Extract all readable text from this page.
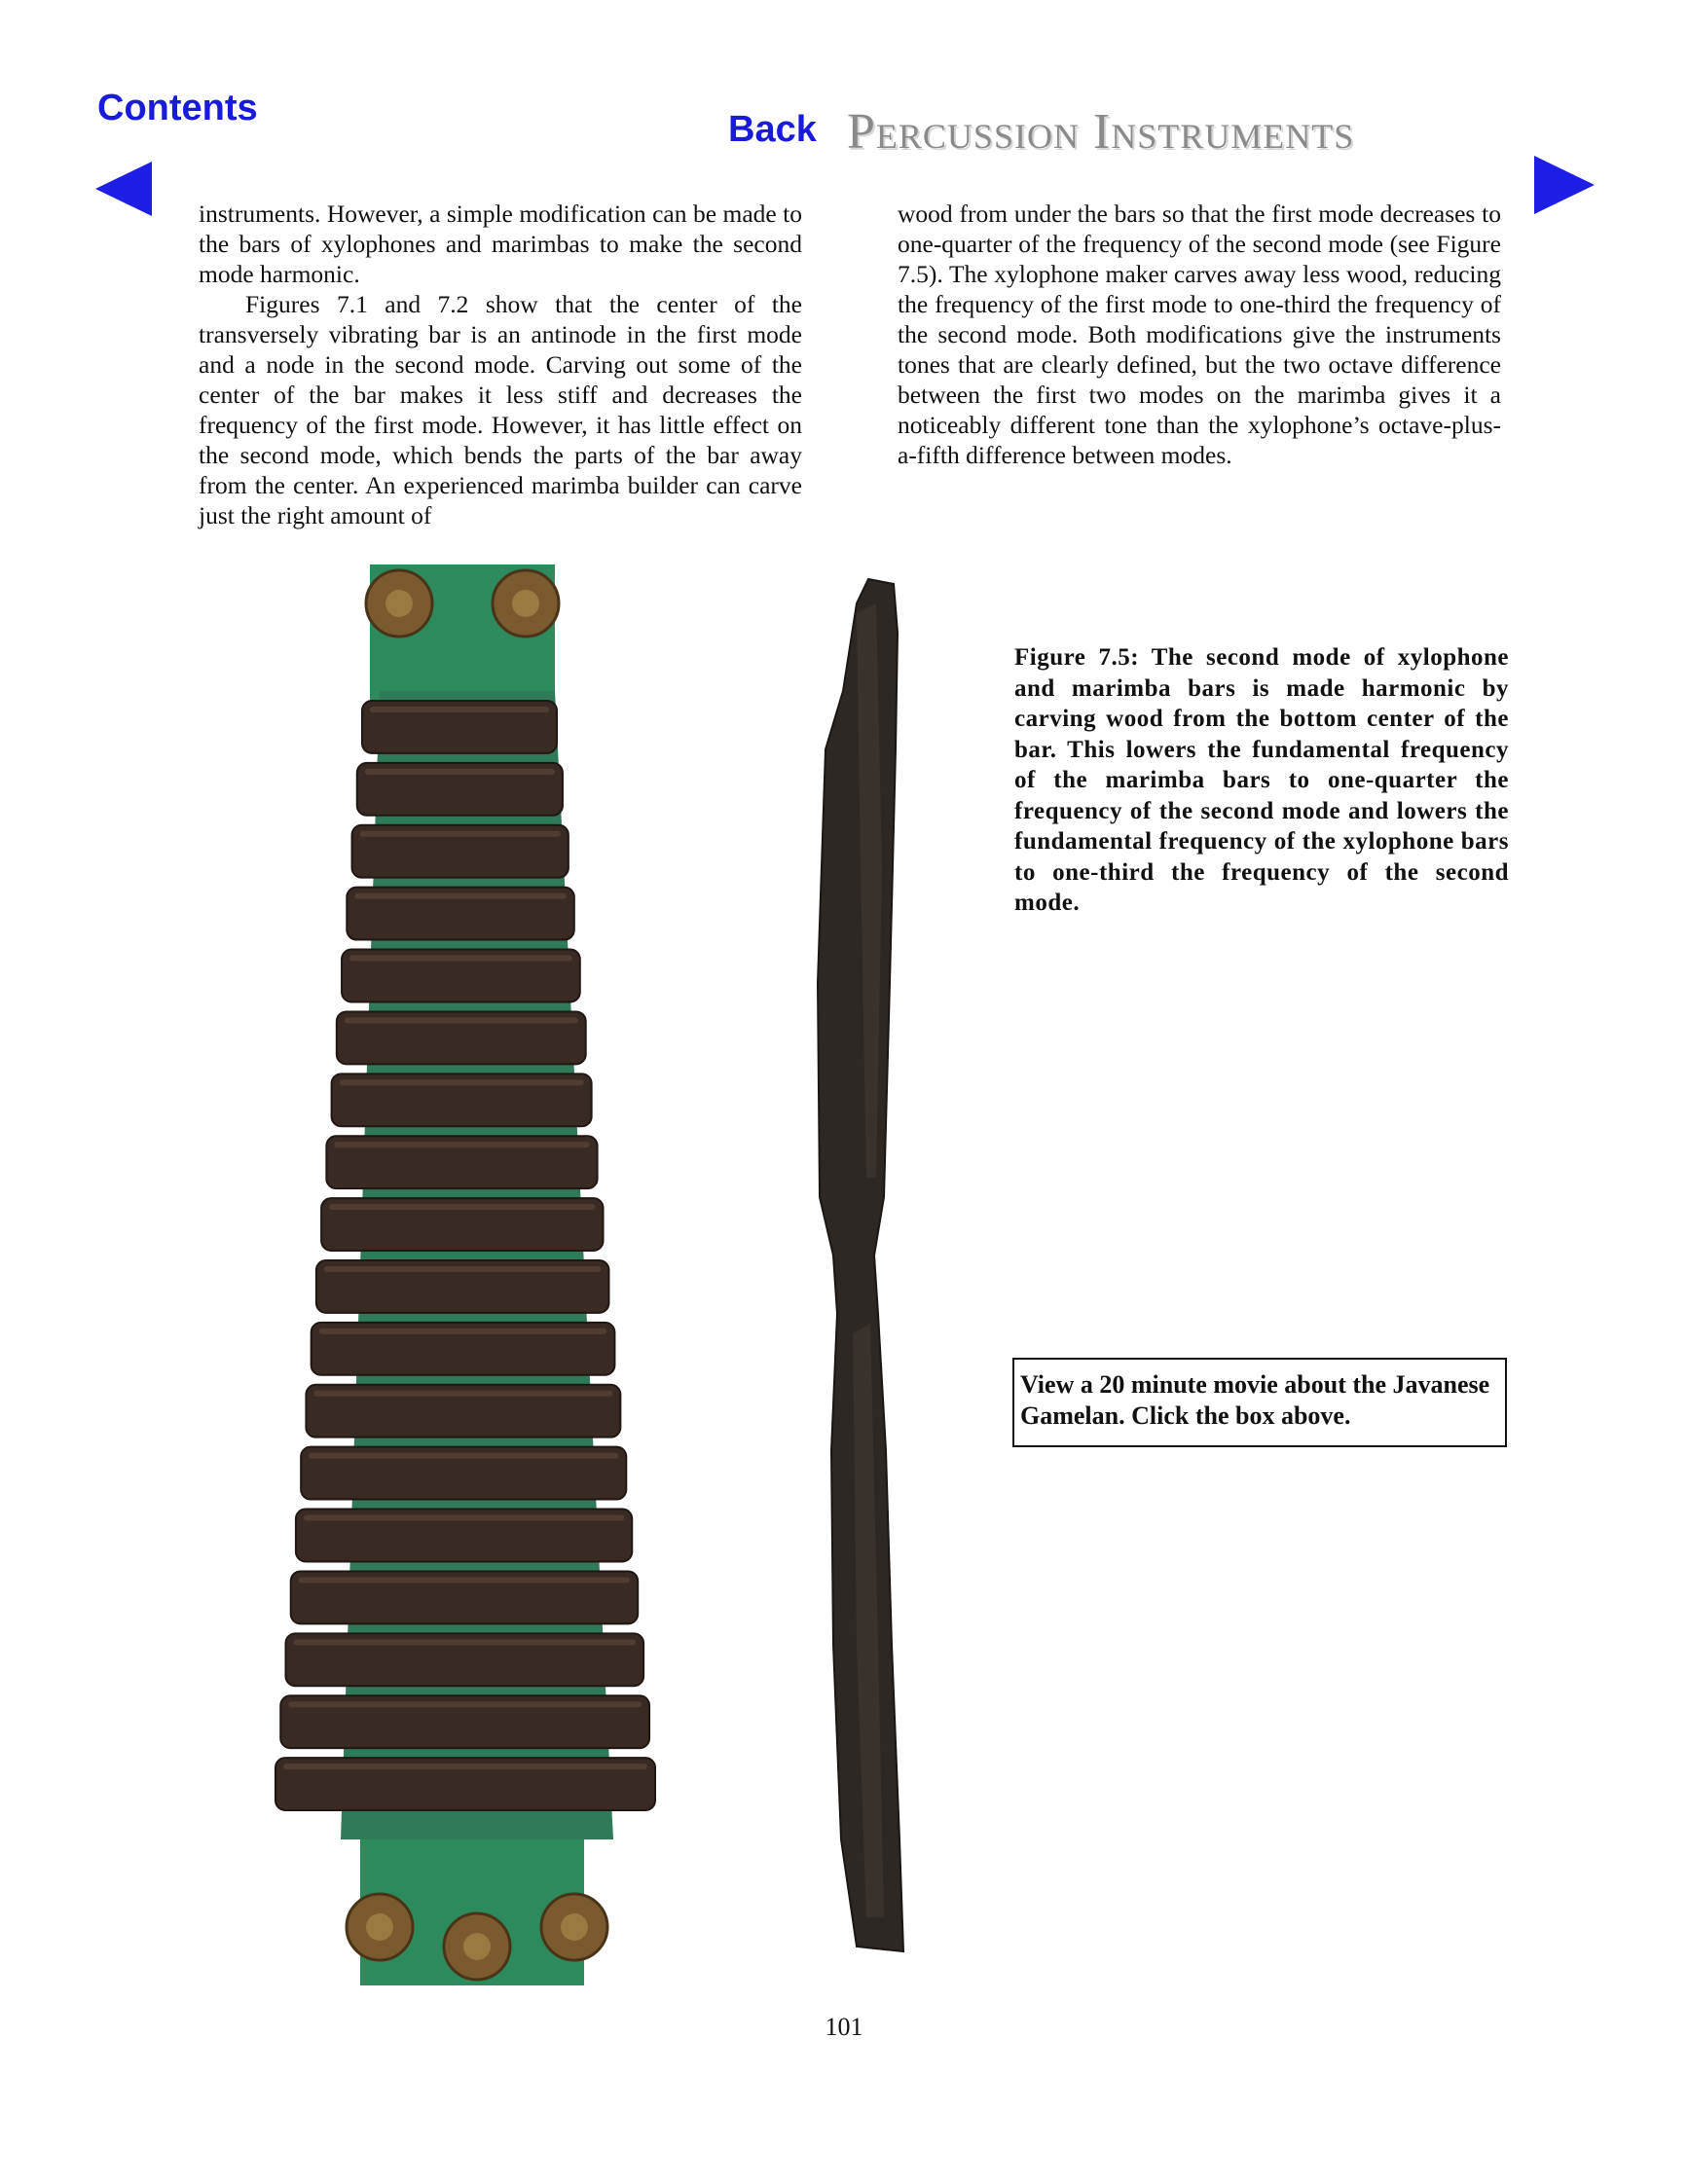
Contents
Back Percussion Instruments

instruments. However, a simple modification can be made to the bars of xylophones and marimbas to make the second mode harmonic.

Figures 7.1 and 7.2 show that the center of the transversely vibrating bar is an antinode in the first mode and a node in the second mode. Carving out some of the center of the bar makes it less stiff and decreases the frequency of the first mode. However, it has little effect on the second mode, which bends the parts of the bar away from the center. An experienced marimba builder can carve just the right amount of

wood from under the bars so that the first mode decreases to one-quarter of the frequency of the second mode (see Figure 7.5). The xylophone maker carves away less wood, reducing the frequency of the first mode to one-third the frequency of the second mode. Both modifications give the instruments tones that are clearly defined, but the two octave difference between the first two modes on the marimba gives it a noticeably different tone than the xylophone’s octave-plus-a-fifth difference between modes.

Figure 7.5: The second mode of xylophone and marimba bars is made harmonic by carving wood from the bottom center of the bar. This lowers the fundamental frequency of the marimba bars to one-quarter the frequency of the second mode and lowers the fundamental frequency of the xylophone bars to one-third the frequency of the second mode.
View a 20 minute movie about the Javanese Gamelan. Click the box above.
101
